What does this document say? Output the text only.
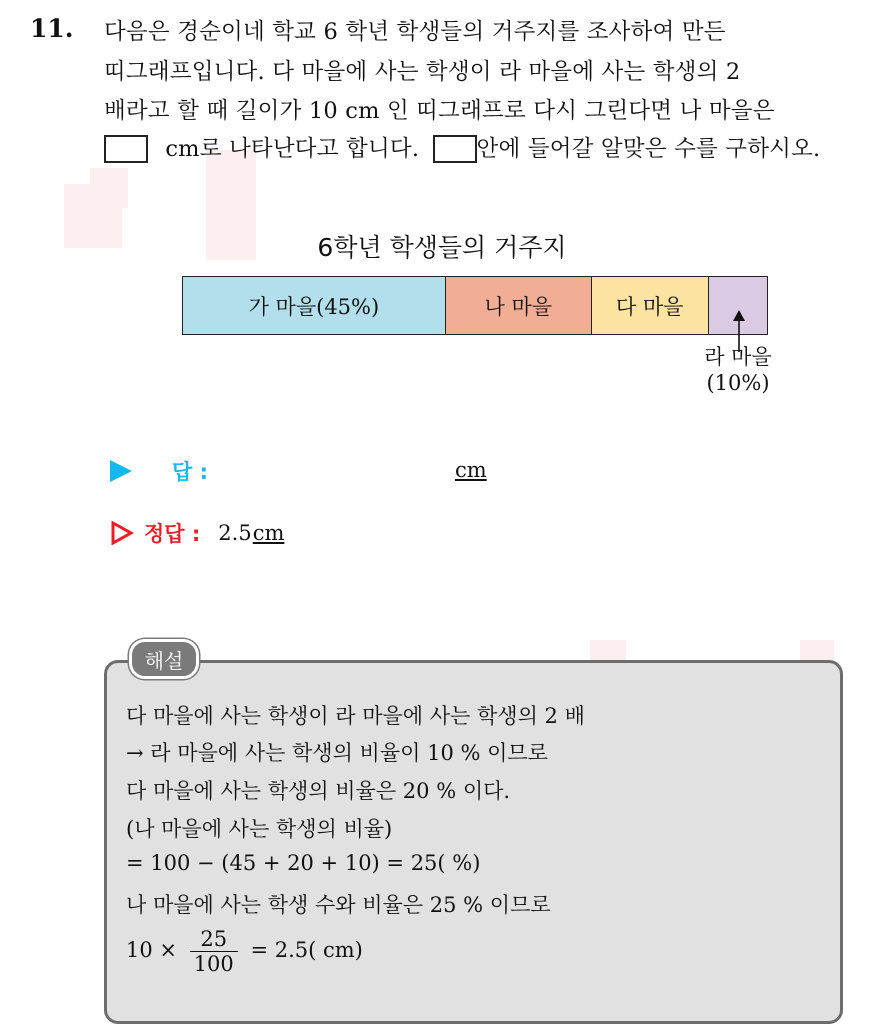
11. 다음은 경순이네 학교 6 학년 학생들의 거주지를 조사하여 만든
띠그래프입니다. 다 마을에 사는 학생이 라 마을에 사는 학생의 2
배라고 할 때 길이가 10 cm 인 띠그래프로 다시 그린다면 나 마을은
cm로 나타난다고 합니다.	안에 들어갈 알맞은 수를 구하시오.
6학년 학생들의 거주지
가 마을(45%)	나 마을	다 마을
라 마을
(10%)
답 :	cm
정답 : 2.5cm
해설
다 마을에 사는 학생이 라 마을에 사는 학생의 2 배
→ 라 마을에 사는 학생의 비율이 10 % 이므로
다 마을에 사는 학생의 비율은 20 % 이다.
(나 마을에 사는 학생의 비율)
= 100 − (45 + 20 + 10) = 25( %)
나 마을에 사는 학생 수와 비율은 25 % 이므로
$10 \times \frac{25}{100} = 2.5$( cm)
